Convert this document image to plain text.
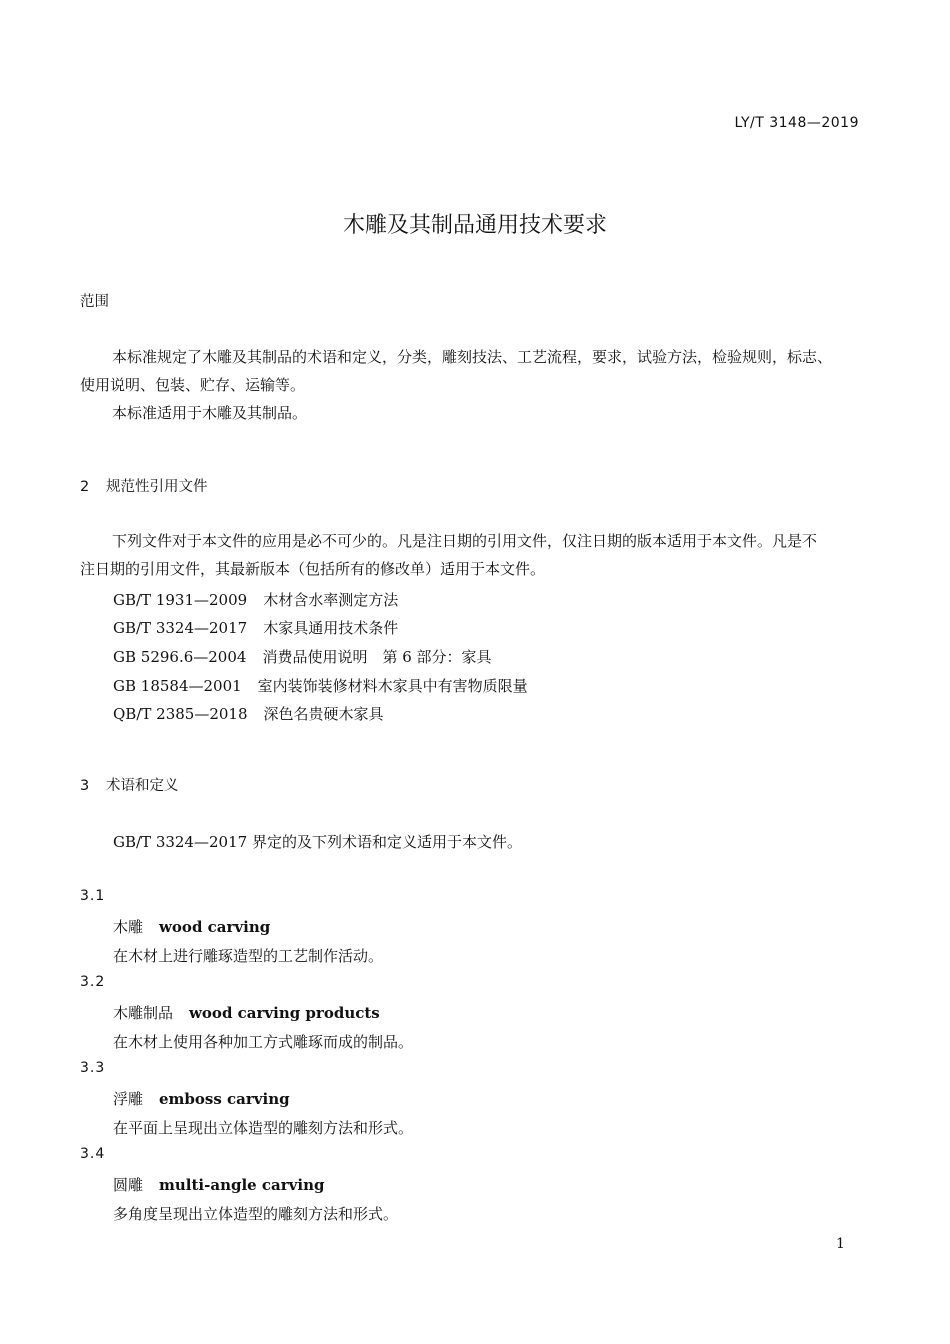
LY/T 3148—2019
木雕及其制品通用技术要求
范围

本标准规定了木雕及其制品的术语和定义，分类，雕刻技法、工艺流程，要求，试验方法，检验规则，标志、

使用说明、包装、贮存、运输等。

本标准适用于木雕及其制品。

2 规范性引用文件

下列文件对于本文件的应用是必不可少的。凡是注日期的引用文件，仅注日期的版本适用于本文件。凡是不

注日期的引用文件，其最新版本（包括所有的修改单）适用于本文件。

GB/T 1931—2009 木材含水率测定方法
GB/T 3324—2017 木家具通用技术条件
GB 5296.6—2004 消费品使用说明　第 6 部分：家具
GB 18584—2001 室内装饰装修材料木家具中有害物质限量
QB/T 2385—2018 深色名贵硬木家具
3 术语和定义
GB/T 3324—2017 界定的及下列术语和定义适用于本文件。
3.1
木雕 wood carving
在木材上进行雕琢造型的工艺制作活动。
3.2
木雕制品 wood carving products
在木材上使用各种加工方式雕琢而成的制品。
3.3
浮雕 emboss carving
在平面上呈现出立体造型的雕刻方法和形式。
3.4
圆雕 multi-angle carving
多角度呈现出立体造型的雕刻方法和形式。
1
